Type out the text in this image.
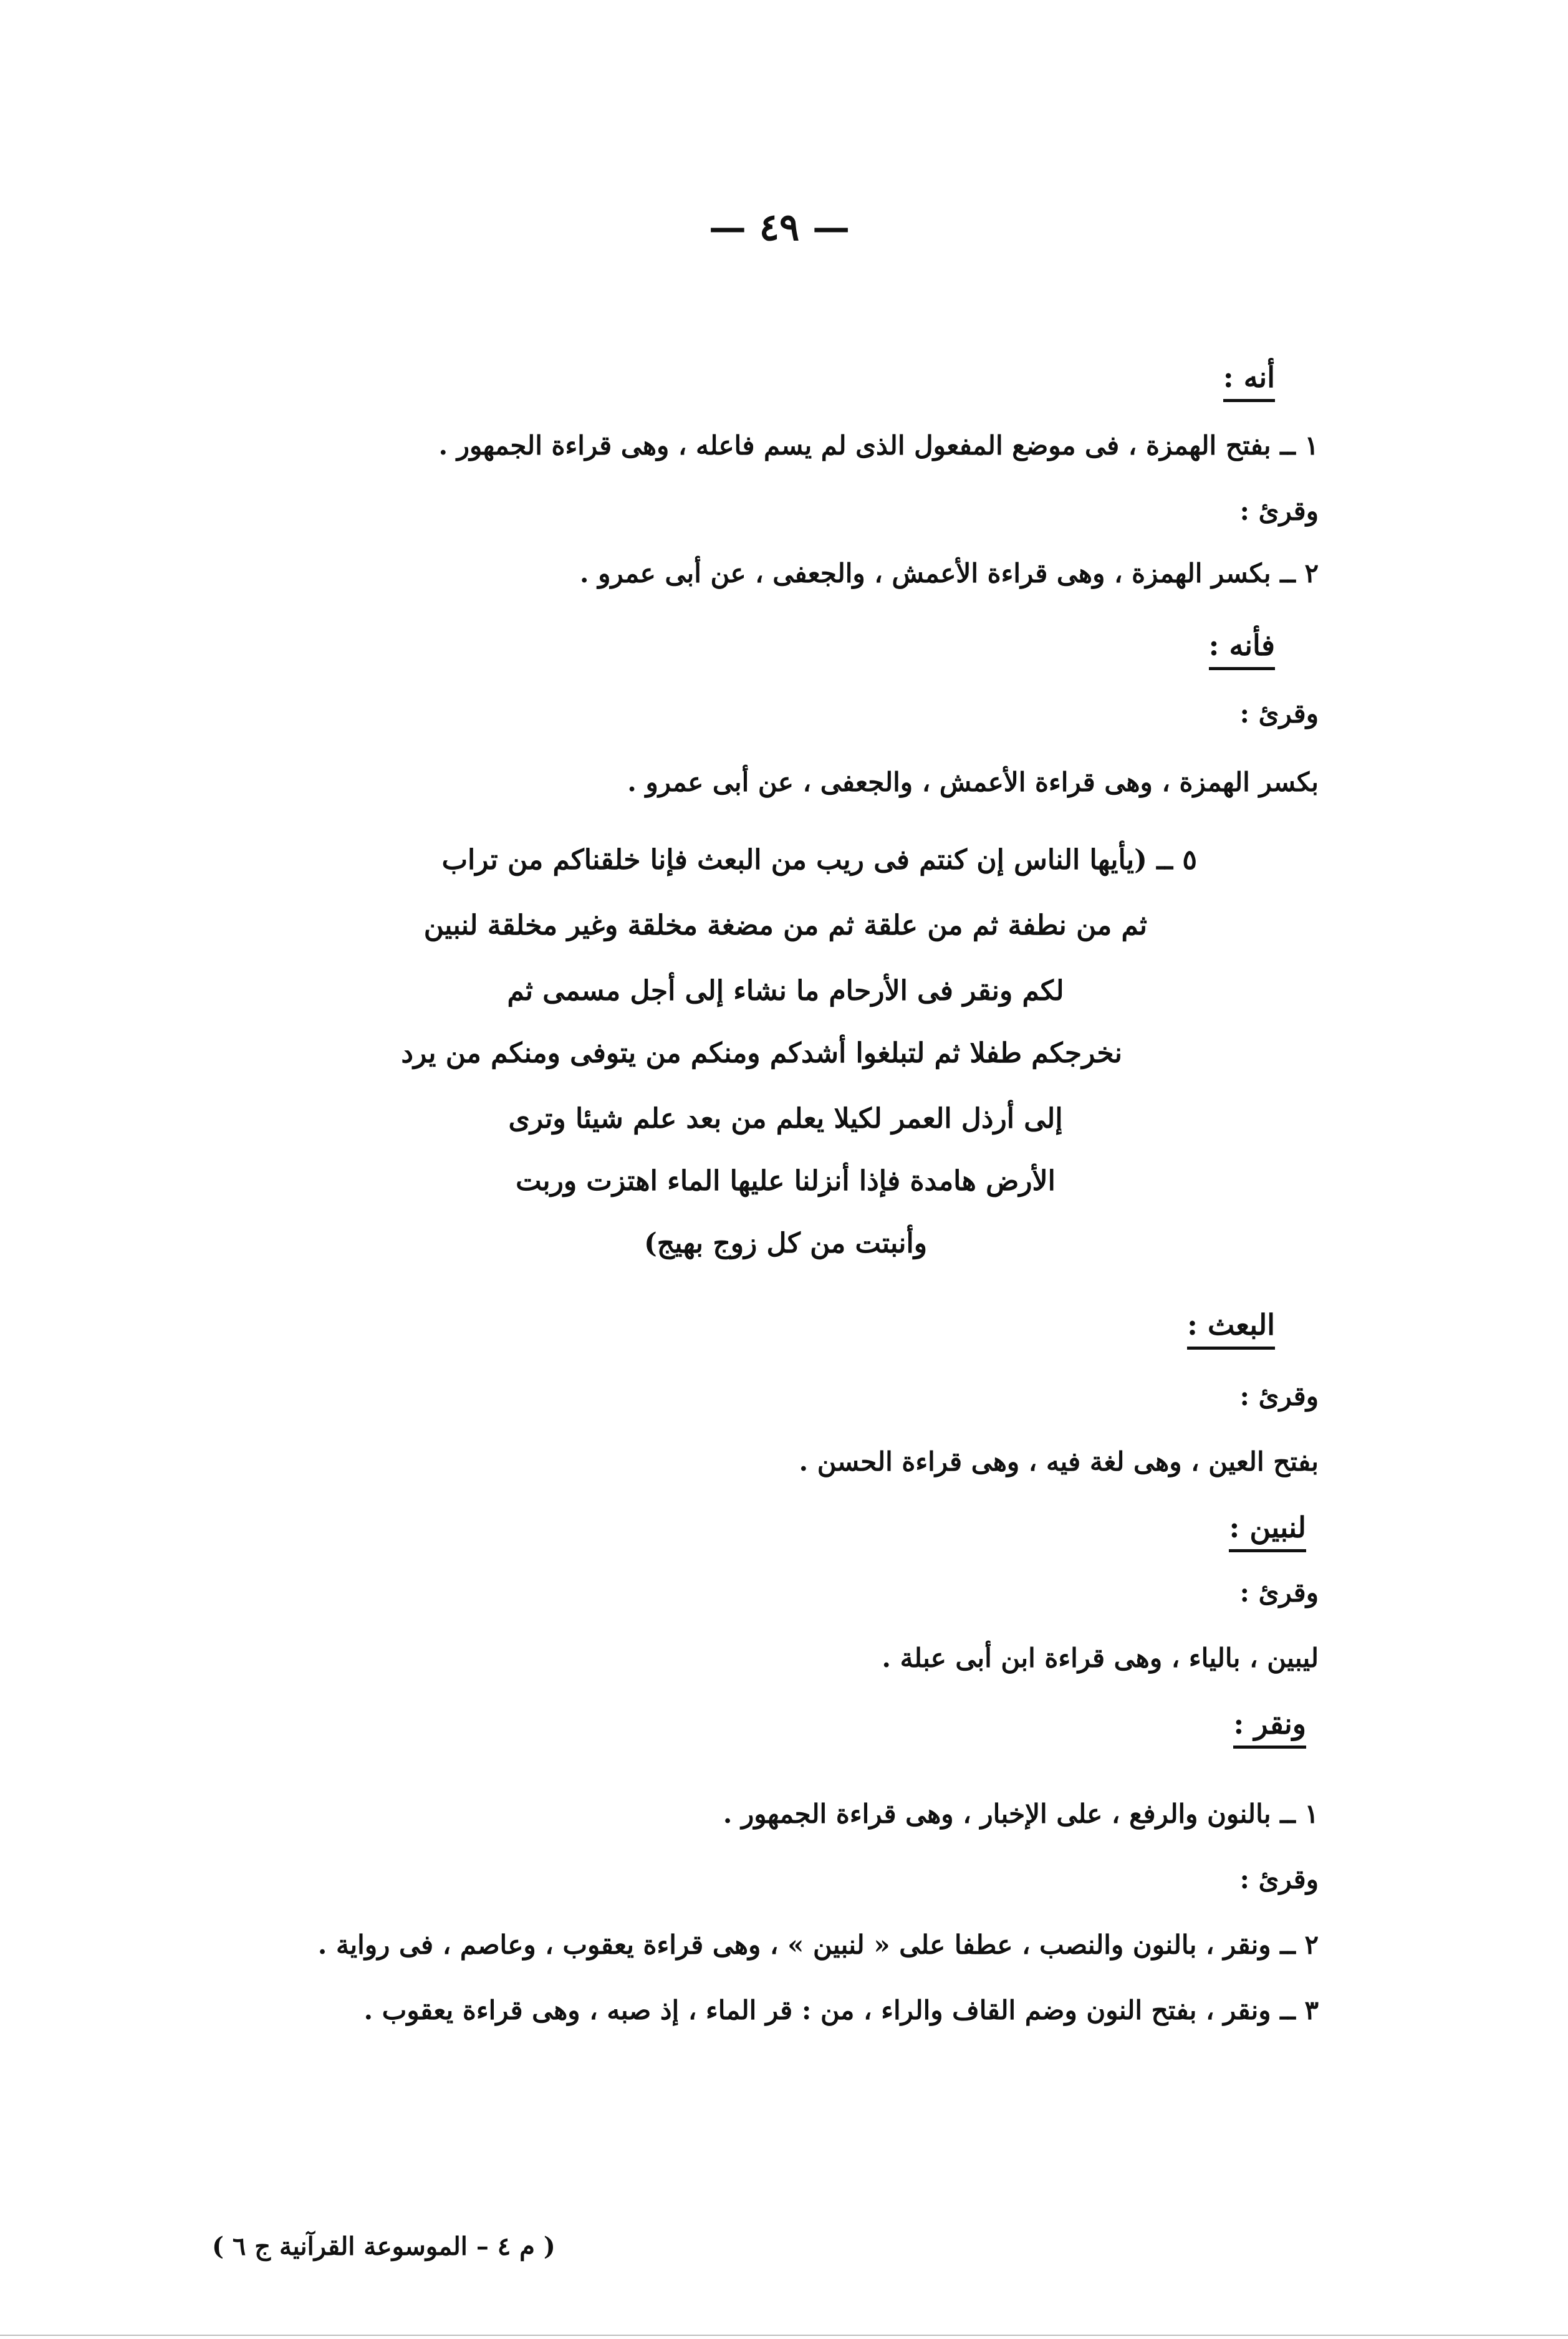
— ٤٩ —
أنه :
١ ــ بفتح الهمزة ، فى موضع المفعول الذى لم يسم فاعله ، وهى قراءة الجمهور .
وقرئ :
٢ ــ بكسر الهمزة ، وهى قراءة الأعمش ، والجعفى ، عن أبى عمرو .
فأنه :
وقرئ :
بكسر الهمزة ، وهى قراءة الأعمش ، والجعفى ، عن أبى عمرو .
٥ ــ (يأيها الناس إن كنتم فى ريب من البعث فإنا خلقناكم من تراب
ثم من نطفة ثم من علقة ثم من مضغة مخلقة وغير مخلقة لنبين
لكم ونقر فى الأرحام ما نشاء إلى أجل مسمى ثم
نخرجكم طفلا ثم لتبلغوا أشدكم ومنكم من يتوفى ومنكم من يرد
إلى أرذل العمر لكيلا يعلم من بعد علم شيئا وترى
الأرض هامدة فإذا أنزلنا عليها الماء اهتزت وربت
وأنبتت من كل زوج بهيج)
البعث :
وقرئ :
بفتح العين ، وهى لغة فيه ، وهى قراءة الحسن .
لنبين :
وقرئ :
ليبين ، بالياء ، وهى قراءة ابن أبى عبلة .
ونقر :
١ ــ بالنون والرفع ، على الإخبار ، وهى قراءة الجمهور .
وقرئ :
٢ ــ ونقر ، بالنون والنصب ، عطفا على « لنبين » ، وهى قراءة يعقوب ، وعاصم ، فى رواية .
٣ ــ ونقر ، بفتح النون وضم القاف والراء ، من : قر الماء ، إذ صبه ، وهى قراءة يعقوب .
( م ٤ – الموسوعة القرآنية ج ٦ )
